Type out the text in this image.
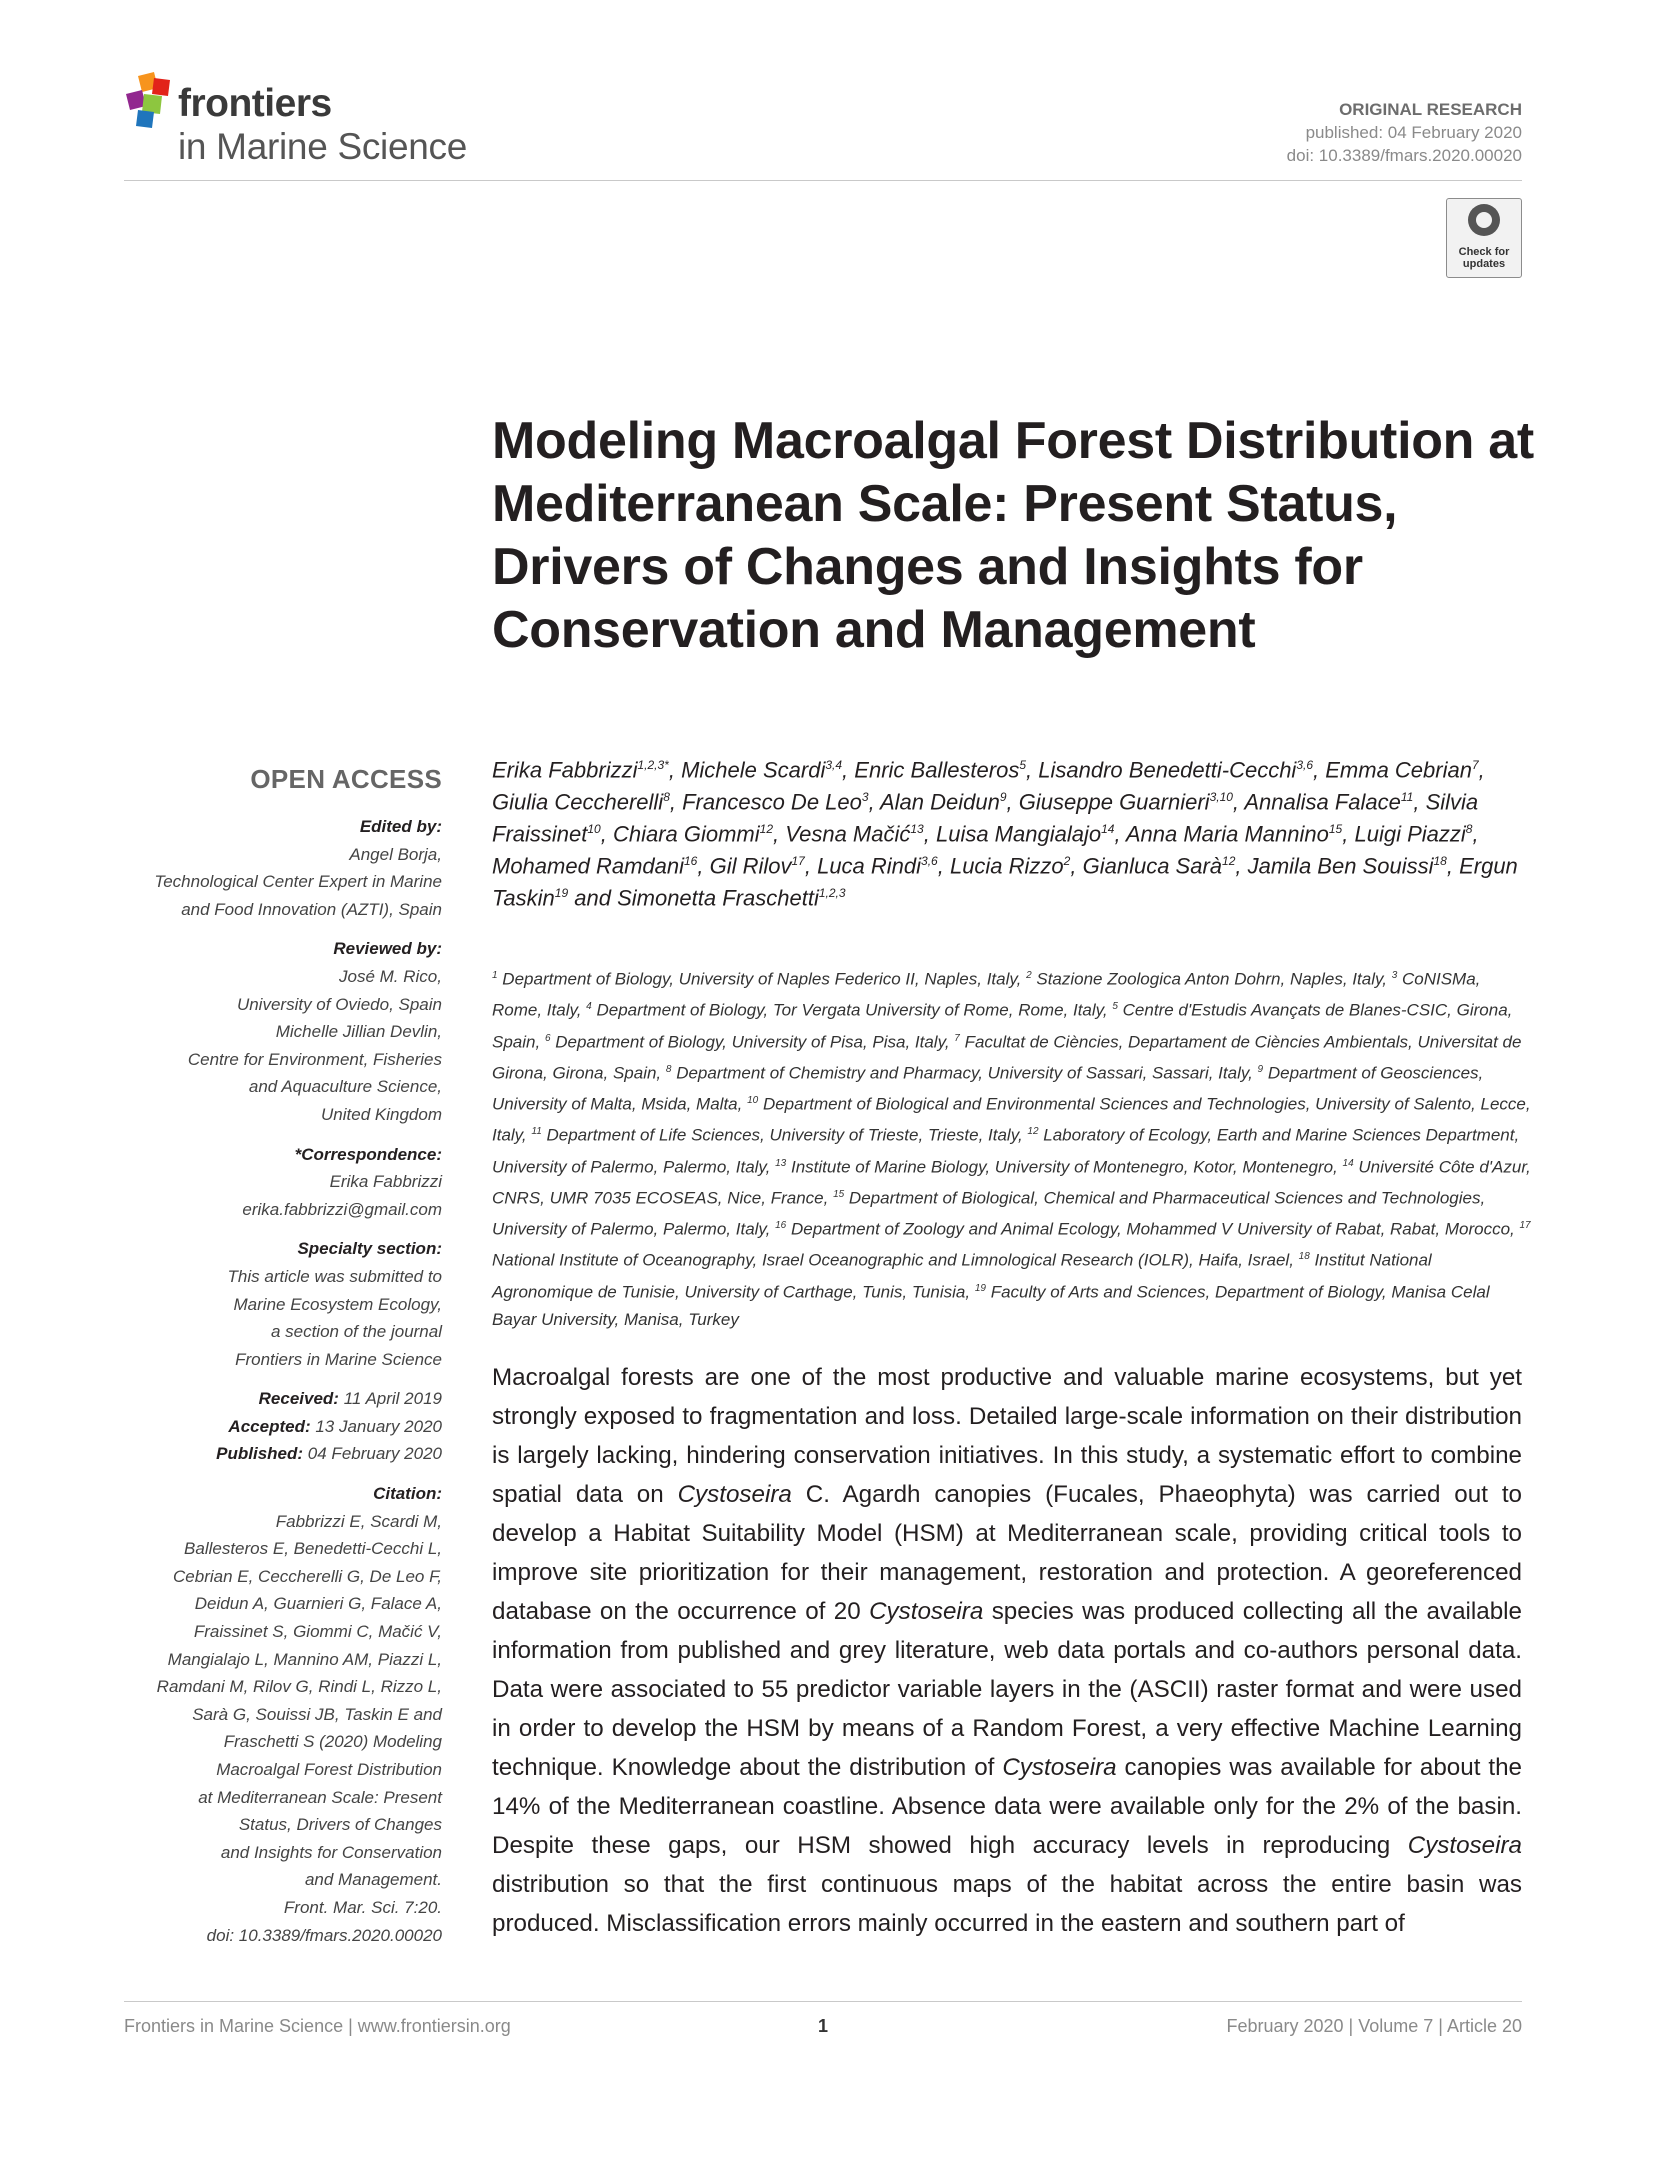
frontiers
in Marine Science
ORIGINAL RESEARCH
published: 04 February 2020
doi: 10.3389/fmars.2020.00020
Check for
updates
Modeling Macroalgal Forest Distribution at Mediterranean Scale: Present Status, Drivers of Changes and Insights for Conservation and Management

Erika Fabbrizzi$^{1,2,3*}$, Michele Scardi$^{3,4}$, Enric Ballesteros$^5$, Lisandro Benedetti-Cecchi$^{3,6}$, Emma Cebrian$^7$, Giulia Ceccherelli$^8$, Francesco De Leo$^3$, Alan Deidun$^9$, Giuseppe Guarnieri$^{3,10}$, Annalisa Falace$^{11}$, Silvia Fraissinet$^{10}$, Chiara Giommi$^{12}$, Vesna Mačić$^{13}$, Luisa Mangialajo$^{14}$, Anna Maria Mannino$^{15}$, Luigi Piazzi$^8$, Mohamed Ramdani$^{16}$, Gil Rilov$^{17}$, Luca Rindi$^{3,6}$, Lucia Rizzo$^2$, Gianluca Sarà$^{12}$, Jamila Ben Souissi$^{18}$, Ergun Taskin$^{19}$ and Simonetta Fraschetti$^{1,2,3}$

$^1$ Department of Biology, University of Naples Federico II, Naples, Italy, $^2$ Stazione Zoologica Anton Dohrn, Naples, Italy, $^3$ CoNISMa, Rome, Italy, $^4$ Department of Biology, Tor Vergata University of Rome, Rome, Italy, $^5$ Centre d'Estudis Avançats de Blanes-CSIC, Girona, Spain, $^6$ Department of Biology, University of Pisa, Pisa, Italy, $^7$ Facultat de Ciències, Departament de Ciències Ambientals, Universitat de Girona, Girona, Spain, $^8$ Department of Chemistry and Pharmacy, University of Sassari, Sassari, Italy, $^9$ Department of Geosciences, University of Malta, Msida, Malta, $^{10}$ Department of Biological and Environmental Sciences and Technologies, University of Salento, Lecce, Italy, $^{11}$ Department of Life Sciences, University of Trieste, Trieste, Italy, $^{12}$ Laboratory of Ecology, Earth and Marine Sciences Department, University of Palermo, Palermo, Italy, $^{13}$ Institute of Marine Biology, University of Montenegro, Kotor, Montenegro, $^{14}$ Université Côte d'Azur, CNRS, UMR 7035 ECOSEAS, Nice, France, $^{15}$ Department of Biological, Chemical and Pharmaceutical Sciences and Technologies, University of Palermo, Palermo, Italy, $^{16}$ Department of Zoology and Animal Ecology, Mohammed V University of Rabat, Rabat, Morocco, $^{17}$ National Institute of Oceanography, Israel Oceanographic and Limnological Research (IOLR), Haifa, Israel, $^{18}$ Institut National Agronomique de Tunisie, University of Carthage, Tunis, Tunisia, $^{19}$ Faculty of Arts and Sciences, Department of Biology, Manisa Celal Bayar University, Manisa, Turkey

OPEN ACCESS
Edited by:
Angel Borja,
Technological Center Expert in Marine
and Food Innovation (AZTI), Spain
Reviewed by:
José M. Rico,
University of Oviedo, Spain
Michelle Jillian Devlin,
Centre for Environment, Fisheries
and Aquaculture Science,
United Kingdom
*Correspondence:
Erika Fabbrizzi
erika.fabbrizzi@gmail.com
Specialty section:
This article was submitted to
Marine Ecosystem Ecology,
a section of the journal
Frontiers in Marine Science
Received: 11 April 2019
Accepted: 13 January 2020
Published: 04 February 2020
Citation:
Fabbrizzi E, Scardi M,
Ballesteros E, Benedetti-Cecchi L,
Cebrian E, Ceccherelli G, De Leo F,
Deidun A, Guarnieri G, Falace A,
Fraissinet S, Giommi C, Mačić V,
Mangialajo L, Mannino AM, Piazzi L,
Ramdani M, Rilov G, Rindi L, Rizzo L,
Sarà G, Souissi JB, Taskin E and
Fraschetti S (2020) Modeling
Macroalgal Forest Distribution
at Mediterranean Scale: Present
Status, Drivers of Changes
and Insights for Conservation
and Management.
Front. Mar. Sci. 7:20.
doi: 10.3389/fmars.2020.00020

Macroalgal forests are one of the most productive and valuable marine ecosystems, but yet strongly exposed to fragmentation and loss. Detailed large-scale information on their distribution is largely lacking, hindering conservation initiatives. In this study, a systematic effort to combine spatial data on Cystoseira C. Agardh canopies (Fucales, Phaeophyta) was carried out to develop a Habitat Suitability Model (HSM) at Mediterranean scale, providing critical tools to improve site prioritization for their management, restoration and protection. A georeferenced database on the occurrence of 20 Cystoseira species was produced collecting all the available information from published and grey literature, web data portals and co-authors personal data. Data were associated to 55 predictor variable layers in the (ASCII) raster format and were used in order to develop the HSM by means of a Random Forest, a very effective Machine Learning technique. Knowledge about the distribution of Cystoseira canopies was available for about the 14% of the Mediterranean coastline. Absence data were available only for the 2% of the basin. Despite these gaps, our HSM showed high accuracy levels in reproducing Cystoseira distribution so that the first continuous maps of the habitat across the entire basin was produced. Misclassification errors mainly occurred in the eastern and southern part of

Frontiers in Marine Science | www.frontiersin.org	1	February 2020 | Volume 7 | Article 20
